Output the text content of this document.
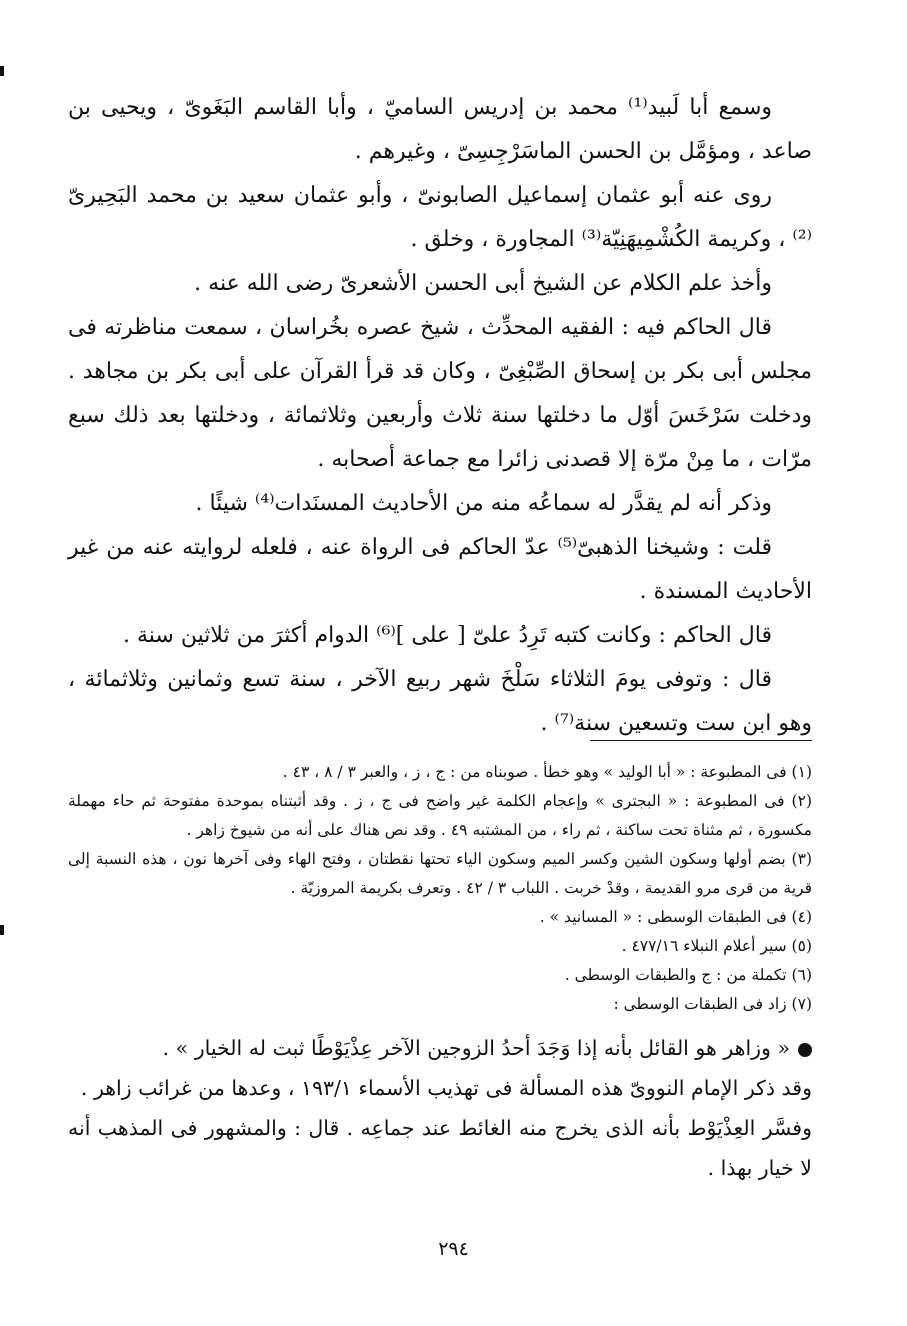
وسمع أبا لَبيد⁽¹⁾ محمد بن إدريس الساميّ ، وأبا القاسم البَغَوىّ ، ويحيى بن صاعد ، ومؤمَّل بن الحسن الماسَرْجِسِىّ ، وغيرهم .

روى عنه أبو عثمان إسماعيل الصابونىّ ، وأبو عثمان سعيد بن محمد البَحِيرىّ ⁽²⁾ ، وكريمة الكُشْمِيهَنِيّة⁽³⁾ المجاورة ، وخلق .

وأخذ علم الكلام عن الشيخ أبى الحسن الأشعرىّ رضى الله عنه .

قال الحاكم فيه : الفقيه المحدِّث ، شيخ عصره بخُراسان ، سمعت مناظرته فى مجلس أبى بكر بن إسحاق الصِّبْغِىّ ، وكان قد قرأ القرآن على أبى بكر بن مجاهد . ودخلت سَرْخَسَ أوّل ما دخلتها سنة ثلاث وأربعين وثلاثمائة ، ودخلتها بعد ذلك سبع مرّات ، ما مِنْ مرّة إلا قصدنى زائرا مع جماعة أصحابه .

وذكر أنه لم يقدَّر له سماعُه منه من الأحاديث المسنَدات⁽⁴⁾ شيئًا .

قلت : وشيخنا الذهبىّ⁽⁵⁾ عدّ الحاكم فى الرواة عنه ، فلعله لروايته عنه من غير الأحاديث المسندة .

قال الحاكم : وكانت كتبه تَرِدُ علىّ [ على ]⁽⁶⁾ الدوام أكثرَ من ثلاثين سنة .

قال : وتوفى يومَ الثلاثاء سَلْخَ شهر ربيع الآخر ، سنة تسع وثمانين وثلاثمائة ، وهو ابن ست وتسعين سنة⁽⁷⁾ .

(١) فى المطبوعة : « أبا الوليد » وهو خطأ . صوبناه من : ج ، ز ، والعبر ٣ / ٨ ، ٤٣ .

(٢) فى المطبوعة : « البجترى » وإعجام الكلمة غير واضح فى ج ، ز . وقد أثبتناه بموحدة مفتوحة ثم حاء مهملة مكسورة ، ثم مثناة تحت ساكنة ، ثم راء ، من المشتبه ٤٩ . وقد نص هناك على أنه من شيوخ زاهر .

(٣) بضم أولها وسكون الشين وكسر الميم وسكون الياء تحتها نقطتان ، وفتح الهاء وفى آخرها نون ، هذه النسبة إلى قرية من قرى مرو القديمة ، وقدْ خربت . اللباب ٣ / ٤٢ . وتعرف بكريمة المروزيّة .

(٤) فى الطبقات الوسطى : « المسانيد » .

(٥) سير أعلام النبلاء ٤٧٧/١٦ .

(٦) تكملة من : ج والطبقات الوسطى .

(٧) زاد فى الطبقات الوسطى :

« وزاهر هو القائل بأنه إذا وَجَدَ أحدُ الزوجين الآخر عِذْيَوْطًا ثبت له الخيار » .

وقد ذكر الإمام النووىّ هذه المسألة فى تهذيب الأسماء ١٩٣/١ ، وعدها من غرائب زاهر .

وفسَّر العِذْيَوْط بأنه الذى يخرج منه الغائط عند جماعِه . قال : والمشهور فى المذهب أنه لا خيار بهذا .

٢٩٤
